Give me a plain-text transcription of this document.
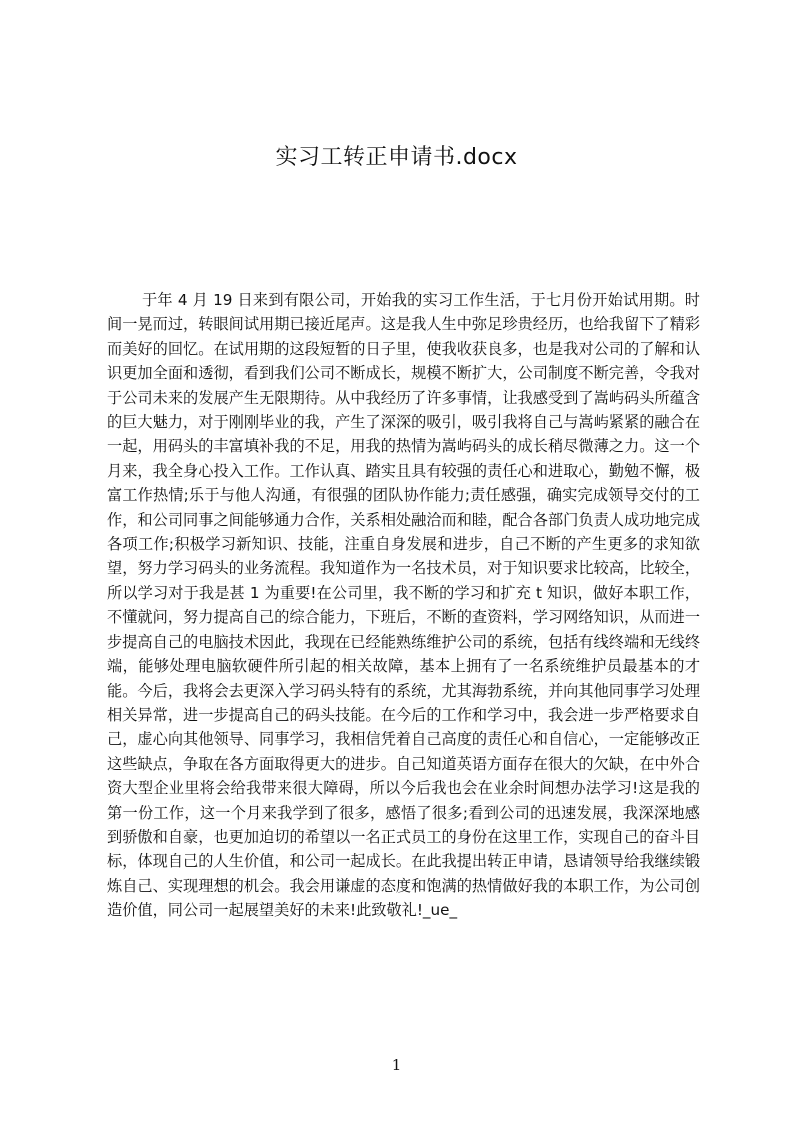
实习工转正申请书.docx

于年 4 月 19 日来到有限公司，开始我的实习工作生活，于七月份开始试用期。时间一晃而过，转眼间试用期已接近尾声。这是我人生中弥足珍贵经历，也给我留下了精彩而美好的回忆。在试用期的这段短暂的日子里，使我收获良多，也是我对公司的了解和认识更加全面和透彻，看到我们公司不断成长，规模不断扩大，公司制度不断完善，令我对于公司未来的发展产生无限期待。从中我经历了许多事情，让我感受到了嵩屿码头所蕴含的巨大魅力，对于刚刚毕业的我，产生了深深的吸引，吸引我将自己与嵩屿紧紧的融合在一起，用码头的丰富填补我的不足，用我的热情为嵩屿码头的成长稍尽微薄之力。这一个月来，我全身心投入工作。工作认真、踏实且具有较强的责任心和进取心，勤勉不懈，极富工作热情;乐于与他人沟通，有很强的团队协作能力;责任感强，确实完成领导交付的工作，和公司同事之间能够通力合作，关系相处融洽而和睦，配合各部门负责人成功地完成各项工作;积极学习新知识、技能，注重自身发展和进步，自己不断的产生更多的求知欲望，努力学习码头的业务流程。我知道作为一名技术员，对于知识要求比较高，比较全，所以学习对于我是甚 1 为重要!在公司里，我不断的学习和扩充 t 知识，做好本职工作，不懂就问，努力提高自己的综合能力，下班后，不断的查资料，学习网络知识，从而进一步提高自己的电脑技术因此，我现在已经能熟练维护公司的系统，包括有线终端和无线终端，能够处理电脑软硬件所引起的相关故障，基本上拥有了一名系统维护员最基本的才能。今后，我将会去更深入学习码头特有的系统，尤其海勃系统，并向其他同事学习处理相关异常，进一步提高自己的码头技能。在今后的工作和学习中，我会进一步严格要求自己，虚心向其他领导、同事学习，我相信凭着自己高度的责任心和自信心，一定能够改正这些缺点，争取在各方面取得更大的进步。自己知道英语方面存在很大的欠缺，在中外合资大型企业里将会给我带来很大障碍，所以今后我也会在业余时间想办法学习!这是我的第一份工作，这一个月来我学到了很多，感悟了很多;看到公司的迅速发展，我深深地感到骄傲和自豪，也更加迫切的希望以一名正式员工的身份在这里工作，实现自己的奋斗目标，体现自己的人生价值，和公司一起成长。在此我提出转正申请，恳请领导给我继续锻炼自己、实现理想的机会。我会用谦虚的态度和饱满的热情做好我的本职工作，为公司创造价值，同公司一起展望美好的未来!此致敬礼!_ue_

1
